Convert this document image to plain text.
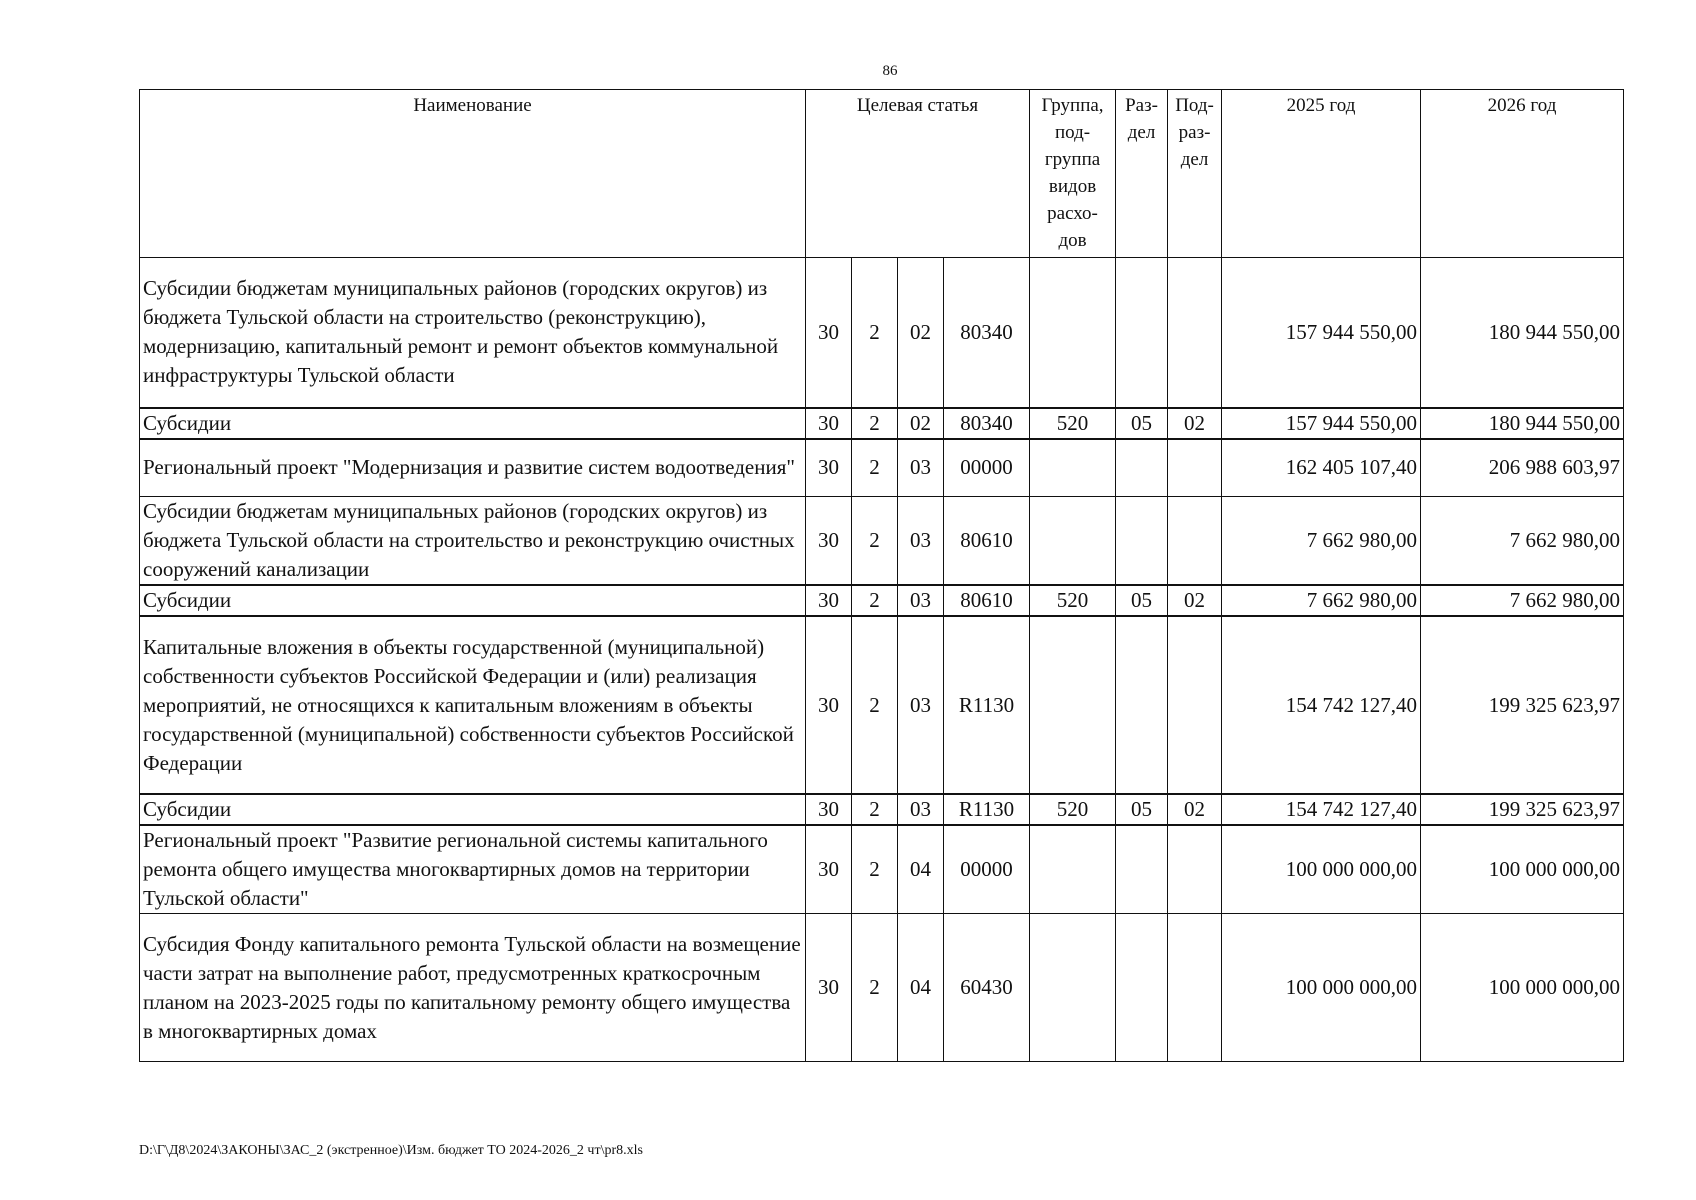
86
Наименование	Целевая статья				Группа, под- группа видов расхо- дов	Раз- дел	Под- раз- дел	2025 год	2026 год
Субсидии бюджетам муниципальных районов (городских округов) из бюджета Тульской области на строительство (реконструкцию), модернизацию, капитальный ремонт и ремонт объектов коммунальной инфраструктуры Тульской области	30	2	02	80340				157 944 550,00	180 944 550,00
Субсидии	30	2	02	80340	520	05	02	157 944 550,00	180 944 550,00
Региональный проект "Модернизация и развитие систем водоотведения"	30	2	03	00000				162 405 107,40	206 988 603,97
Субсидии бюджетам муниципальных районов (городских округов) из бюджета Тульской области на строительство и реконструкцию очистных сооружений канализации	30	2	03	80610				7 662 980,00	7 662 980,00
Субсидии	30	2	03	80610	520	05	02	7 662 980,00	7 662 980,00
Капитальные вложения в объекты государственной (муниципальной) собственности субъектов Российской Федерации и (или) реализация мероприятий, не относящихся к капитальным вложениям в объекты государственной (муниципальной) собственности субъектов Российской Федерации	30	2	03	R1130				154 742 127,40	199 325 623,97
Субсидии	30	2	03	R1130	520	05	02	154 742 127,40	199 325 623,97
Региональный проект "Развитие региональной системы капитального ремонта общего имущества многоквартирных домов на территории Тульской области"	30	2	04	00000				100 000 000,00	100 000 000,00
Субсидия Фонду капитального ремонта Тульской области на возмещение части затрат на выполнение работ, предусмотренных краткосрочным планом на 2023-2025 годы по капитальному ремонту общего имущества в многоквартирных домах	30	2	04	60430				100 000 000,00	100 000 000,00
D:\Г\Д8\2024\ЗАКОНЫ\ЗАС_2 (экстренное)\Изм. бюджет ТО 2024-2026_2 чт\pr8.xls
